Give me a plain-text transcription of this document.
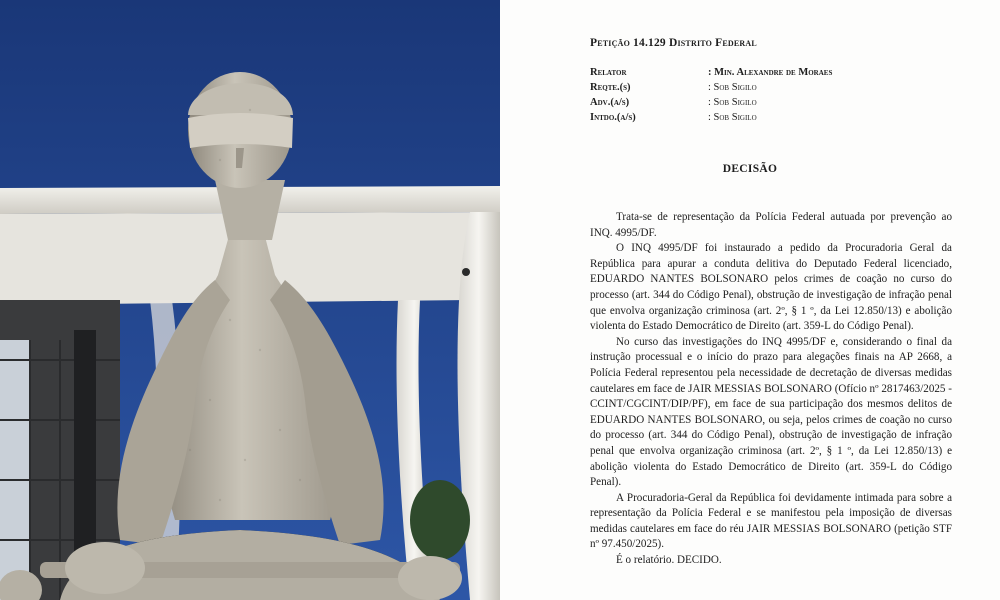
Petição 14.129 Distrito Federal
Relator	: Min. Alexandre de Moraes
Reqte.(s)	: Sob Sigilo
Adv.(a/s)	: Sob Sigilo
Intdo.(a/s)	: Sob Sigilo
DECISÃO

Trata-se de representação da Polícia Federal autuada por prevenção ao INQ. 4995/DF.

O INQ 4995/DF foi instaurado a pedido da Procuradoria Geral da República para apurar a conduta delitiva do Deputado Federal licenciado, EDUARDO NANTES BOLSONARO pelos crimes de coação no curso do processo (art. 344 do Código Penal), obstrução de investigação de infração penal que envolva organização criminosa (art. 2º, § 1 º, da Lei 12.850/13) e abolição violenta do Estado Democrático de Direito (art. 359-L do Código Penal).

No curso das investigações do INQ 4995/DF e, considerando o final da instrução processual e o início do prazo para alegações finais na AP 2668, a Polícia Federal representou pela necessidade de decretação de diversas medidas cautelares em face de JAIR MESSIAS BOLSONARO (Ofício nº 2817463/2025 - CCINT/CGCINT/DIP/PF), em face de sua participação dos mesmos delitos de EDUARDO NANTES BOLSONARO, ou seja, pelos crimes de coação no curso do processo (art. 344 do Código Penal), obstrução de investigação de infração penal que envolva organização criminosa (art. 2º, § 1 º, da Lei 12.850/13) e abolição violenta do Estado Democrático de Direito (art. 359-L do Código Penal).

A Procuradoria-Geral da República foi devidamente intimada para sobre a representação da Polícia Federal e se manifestou pela imposição de diversas medidas cautelares em face do réu JAIR MESSIAS BOLSONARO (petição STF nº 97.450/2025).

É o relatório. DECIDO.
